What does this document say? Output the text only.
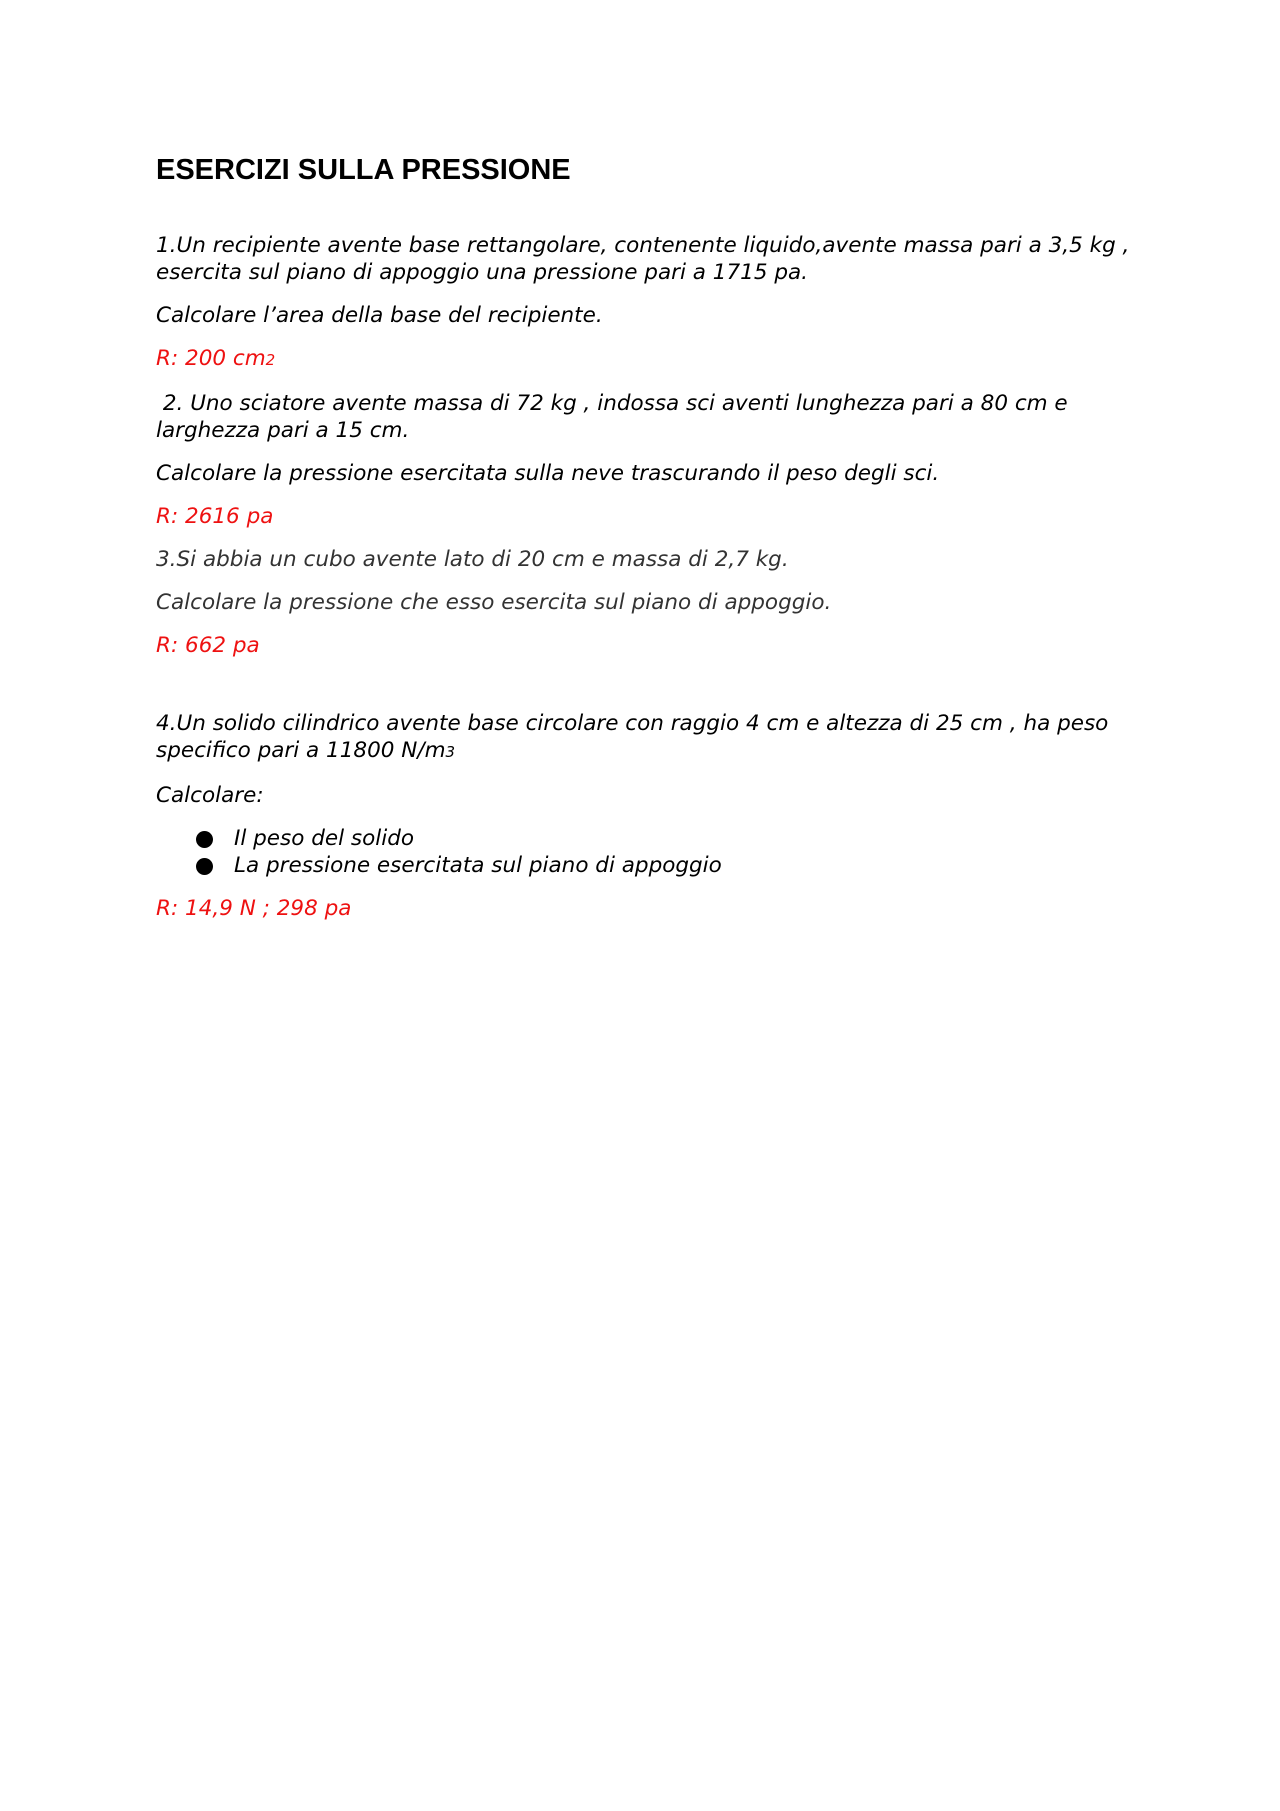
ESERCIZI SULLA PRESSIONE

1.Un recipiente avente base rettangolare, contenente liquido,avente massa pari a 3,5 kg , esercita sul piano di appoggio una pressione pari a 1715 pa.

Calcolare l’area della base del recipiente.

R: 200 cm2

2. Uno sciatore avente massa di 72 kg , indossa sci aventi lunghezza pari a 80 cm e larghezza pari a 15 cm.

Calcolare la pressione esercitata sulla neve trascurando il peso degli sci.

R: 2616 pa

3.Si abbia un cubo avente lato di 20 cm e massa di 2,7 kg.

Calcolare la pressione che esso esercita sul piano di appoggio.

R: 662 pa

4.Un solido cilindrico avente base circolare con raggio 4 cm e altezza di 25 cm , ha peso specifico pari a 11800 N/m3

Calcolare:

Il peso del solido
La pressione esercitata sul piano di appoggio

R: 14,9 N ; 298 pa
